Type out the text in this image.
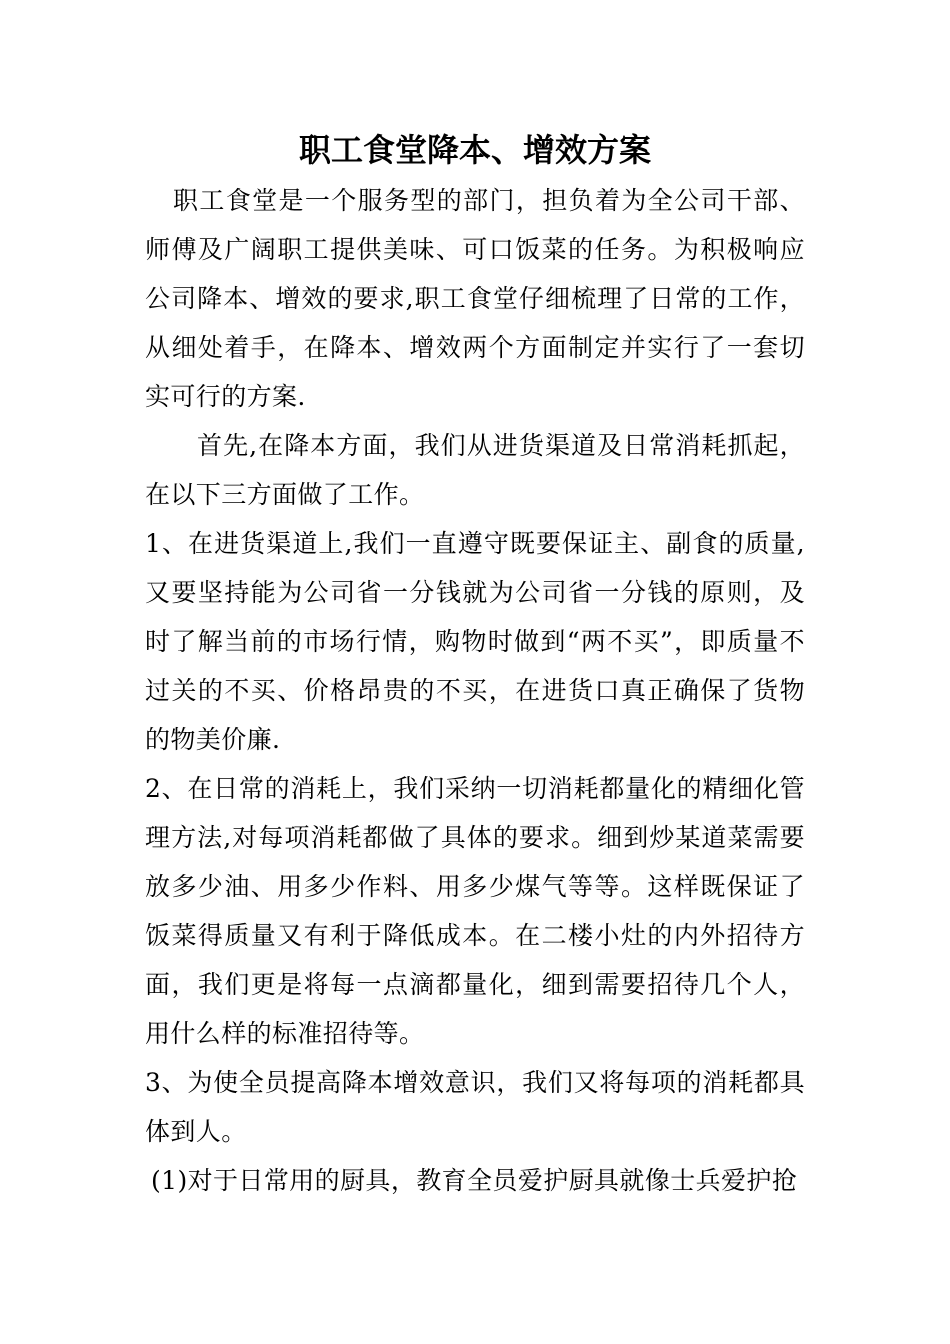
职工食堂降本、增效方案

职工食堂是一个服务型的部门，担负着为全公司干部、师傅及广阔职工提供美味、可口饭菜的任务。为积极响应公司降本、增效的要求,职工食堂仔细梳理了日常的工作，从细处着手，在降本、增效两个方面制定并实行了一套切实可行的方案.

首先,在降本方面，我们从进货渠道及日常消耗抓起，在以下三方面做了工作。

1、在进货渠道上,我们一直遵守既要保证主、副食的质量,又要坚持能为公司省一分钱就为公司省一分钱的原则，及时了解当前的市场行情，购物时做到“两不买”，即质量不过关的不买、价格昂贵的不买，在进货口真正确保了货物的物美价廉.

2、在日常的消耗上，我们采纳一切消耗都量化的精细化管理方法,对每项消耗都做了具体的要求。细到炒某道菜需要放多少油、用多少作料、用多少煤气等等。这样既保证了饭菜得质量又有利于降低成本。在二楼小灶的内外招待方面，我们更是将每一点滴都量化，细到需要招待几个人，用什么样的标准招待等。

3、为使全员提高降本增效意识，我们又将每项的消耗都具体到人。

(1)对于日常用的厨具，教育全员爱护厨具就像士兵爱护抢
